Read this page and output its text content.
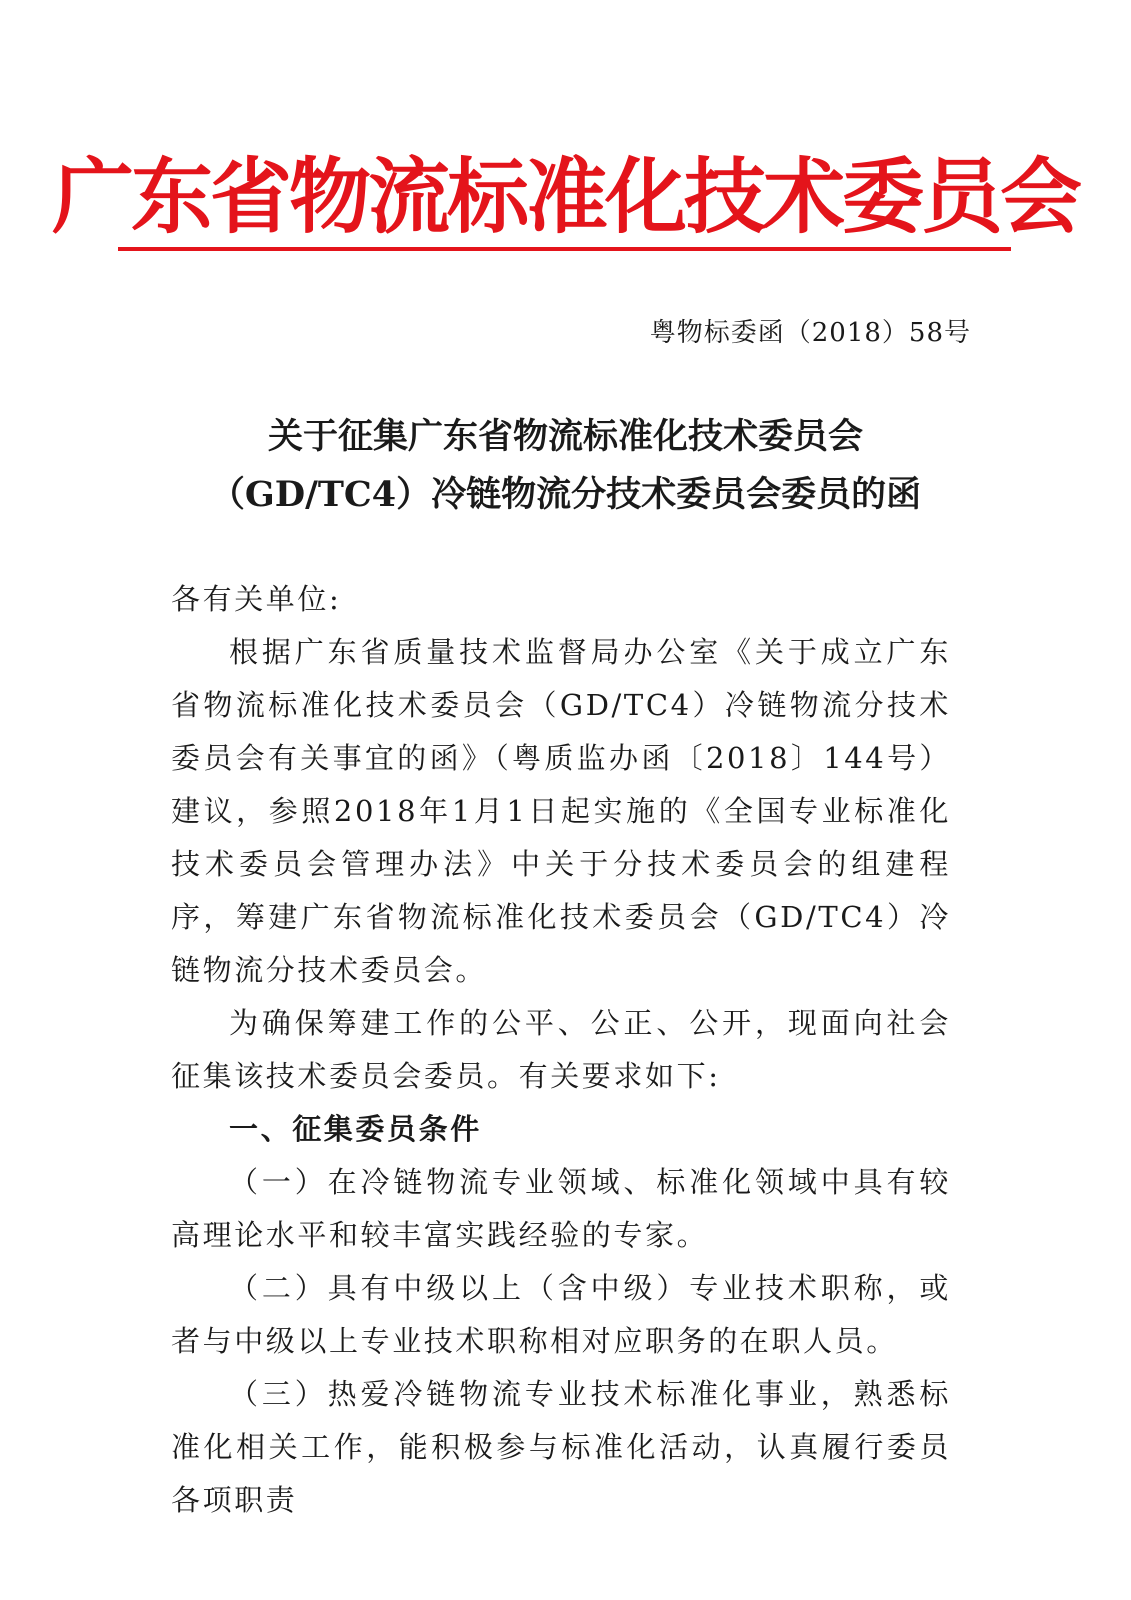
广东省物流标准化技术委员会
粤物标委函（2018）58号
关于征集广东省物流标准化技术委员会
（GD/TC4）冷链物流分技术委员会委员的函

各有关单位:

根据广东省质量技术监督局办公室《关于成立广东省物流标准化技术委员会（GD/TC4）冷链物流分技术委员会有关事宜的函》（粤质监办函〔2018〕144号）建议，参照2018年1月1日起实施的《全国专业标准化技术委员会管理办法》中关于分技术委员会的组建程序，筹建广东省物流标准化技术委员会（GD/TC4）冷链物流分技术委员会。

为确保筹建工作的公平、公正、公开，现面向社会征集该技术委员会委员。有关要求如下:

一、征集委员条件

（一）在冷链物流专业领域、标准化领域中具有较高理论水平和较丰富实践经验的专家。

（二）具有中级以上（含中级）专业技术职称，或者与中级以上专业技术职称相对应职务的在职人员。

（三）热爱冷链物流专业技术标准化事业，熟悉标准化相关工作，能积极参与标准化活动，认真履行委员各项职责
